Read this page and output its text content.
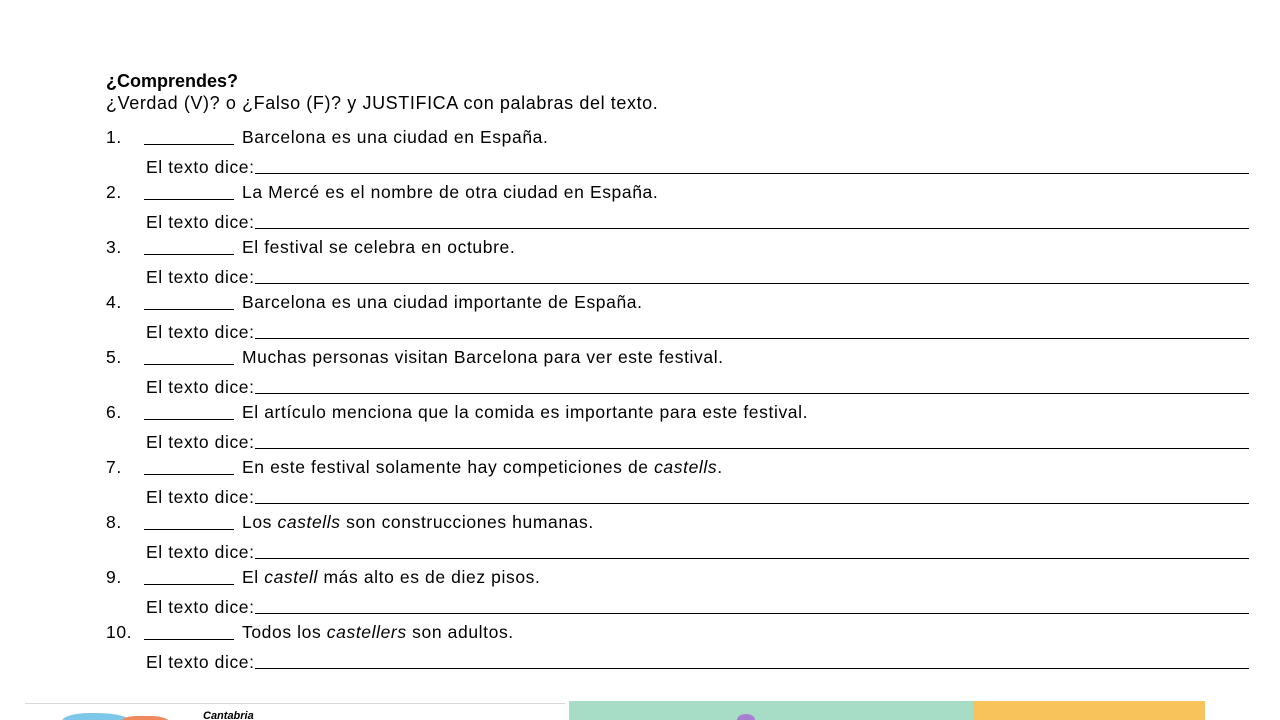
¿Comprendes?
¿Verdad (V)? o ¿Falso (F)? y JUSTIFICA con palabras del texto.
1.	Barcelona es una ciudad en España.
El texto dice:
2.	La Mercé es el nombre de otra ciudad en España.
El texto dice:
3.	El festival se celebra en octubre.
El texto dice:
4.	Barcelona es una ciudad importante de España.
El texto dice:
5.	Muchas personas visitan Barcelona para ver este festival.
El texto dice:
6.	El artículo menciona que la comida es importante para este festival.
El texto dice:
7.	En este festival solamente hay competiciones de castells.
El texto dice:
8.	Los castells son construcciones humanas.
El texto dice:
9.	El castell más alto es de diez pisos.
El texto dice:
10.	Todos los castellers son adultos.
El texto dice:
Cantabria
